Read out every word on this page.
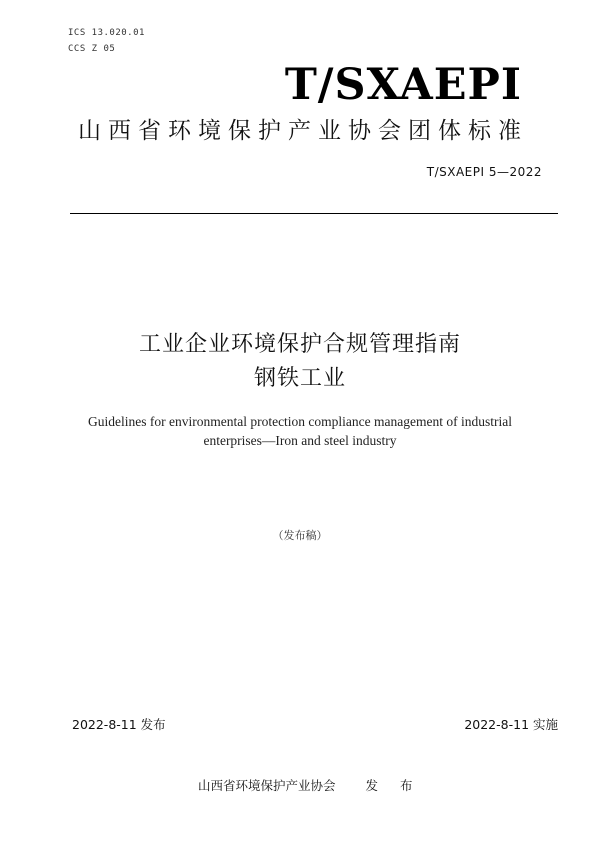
ICS 13.020.01
CCS Z 05
T/SXAEPI
山西省环境保护产业协会团体标准
T/SXAEPI 5—2022
工业企业环境保护合规管理指南
钢铁工业
Guidelines for environmental protection compliance management of industrial
enterprises—Iron and steel industry
（发布稿）
2022-8-11 发布	2022-8-11 实施
山西省环境保护产业协会 发 布
